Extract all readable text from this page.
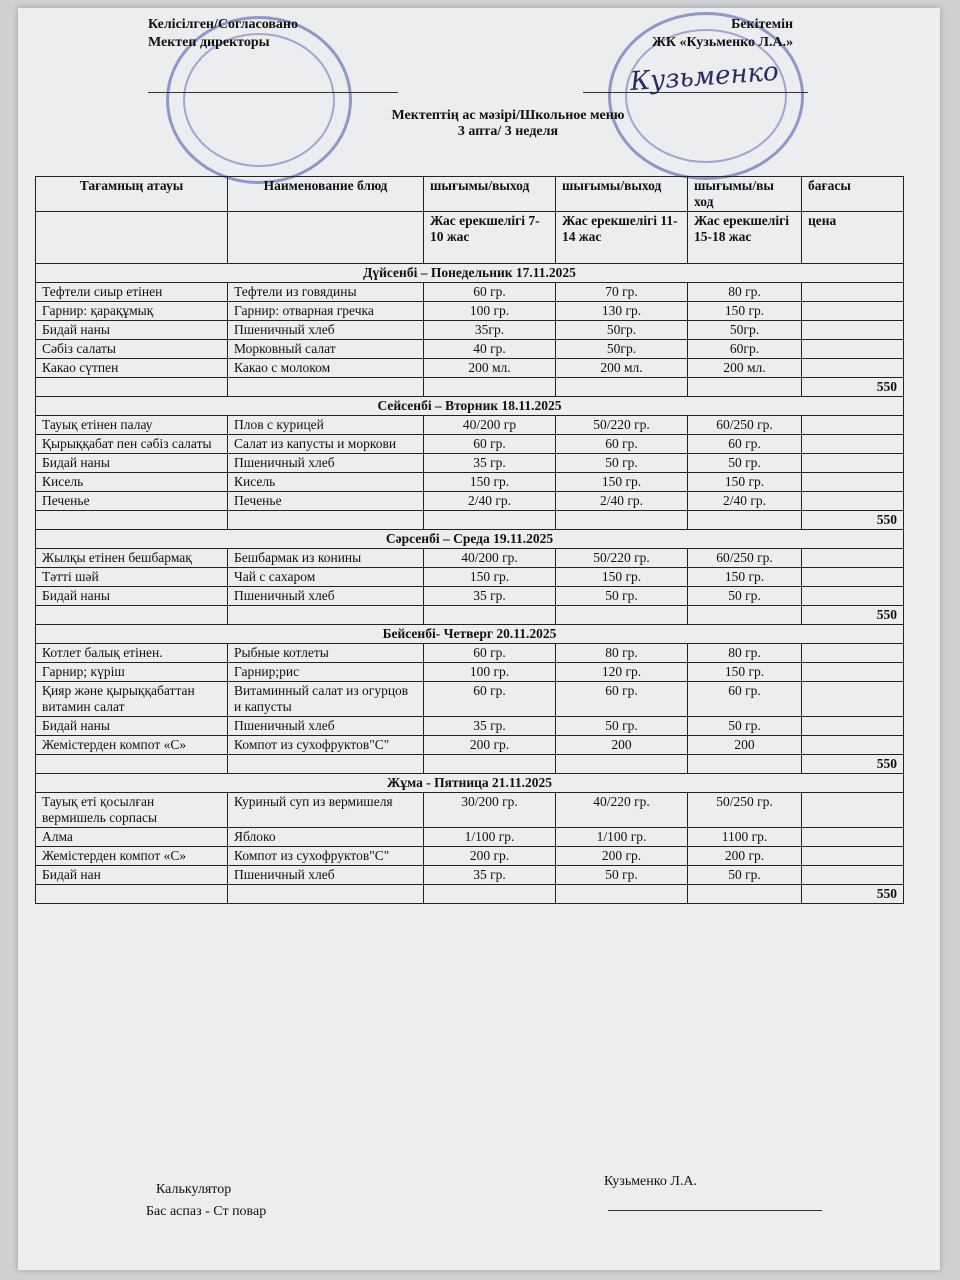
Келісілген/Согласовано
Мектеп директоры
Бекітемін
ЖК «Кузьменко Л.А.»
Кузьменко
Мектептің ас мәзірі/Школьное меню
3 апта/ 3 неделя
Калькулятор
Бас аспаз - Ст повар
Кузьменко Л.А.
Тағамның атауы	Наименование блюд	шығымы/выход	шығымы/выход	шығымы/вы ход	бағасы
		Жас ерекшелігі 7-10 жас	Жас ерекшелігі 11-14 жас	Жас ерекшелігі 15-18 жас	цена
Дүйсенбі – Понедельник 17.11.2025					
Тефтели сиыр етінен	Тефтели из говядины	60 гр.	70 гр.	80 гр.	
Гарнир: қарақұмық	Гарнир: отварная гречка	100 гр.	130 гр.	150 гр.	
Бидай наны	Пшеничный хлеб	35гр.	50гр.	50гр.	
Сәбіз салаты	Морковный салат	40 гр.	50гр.	60гр.	
Какао сүтпен	Какао с молоком	200 мл.	200 мл.	200 мл.	
					550
Сейсенбі – Вторник 18.11.2025					
Тауық етінен палау	Плов с курицей	40/200 гр	50/220 гр.	60/250 гр.	
Қырыққабат пен сәбіз салаты	Салат из капусты и моркови	60 гр.	60 гр.	60 гр.	
Бидай наны	Пшеничный хлеб	35 гр.	50 гр.	50 гр.	
Кисель	Кисель	150 гр.	150 гр.	150 гр.	
Печенье	Печенье	2/40 гр.	2/40 гр.	2/40 гр.	
					550
Сәрсенбі – Среда 19.11.2025					
Жылқы етінен бешбармақ	Бешбармак из конины	40/200 гр.	50/220 гр.	60/250 гр.	
Тәтті шәй	Чай с сахаром	150 гр.	150 гр.	150 гр.	
Бидай наны	Пшеничный хлеб	35 гр.	50 гр.	50 гр.	
					550
Бейсенбі- Четверг 20.11.2025					
Котлет балық етінен.	Рыбные котлеты	60 гр.	80 гр.	80 гр.	
Гарнир; күріш	Гарнир;рис	100 гр.	120 гр.	150 гр.	
Қияр және қырыққабаттан витамин салат	Витаминный салат из огурцов и капусты	60 гр.	60 гр.	60 гр.	
Бидай наны	Пшеничный хлеб	35 гр.	50 гр.	50 гр.	
Жемістерден компот «С»	Компот из сухофруктов"С"	200 гр.	200	200	
					550
Жұма - Пятница 21.11.2025					
Тауық еті қосылған вермишель сорпасы	Куриный суп из вермишеля	30/200 гр.	40/220 гр.	50/250 гр.	
Алма	Яблоко	1/100 гр.	1/100 гр.	1100 гр.	
Жемістерден компот «С»	Компот из сухофруктов"С"	200 гр.	200 гр.	200 гр.	
Бидай нан	Пшеничный хлеб	35 гр.	50 гр.	50 гр.	
					550
